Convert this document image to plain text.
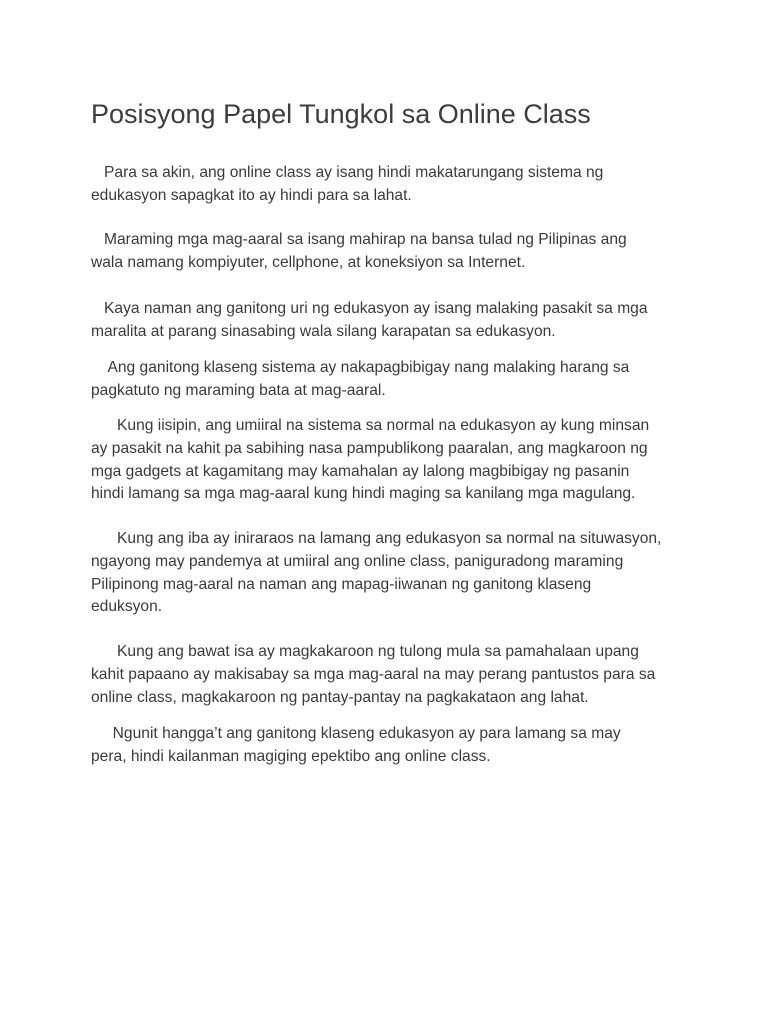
Posisyong Papel Tungkol sa Online Class

Para sa akin, ang online class ay isang hindi makatarungang sistema ng
edukasyon sapagkat ito ay hindi para sa lahat.

Maraming mga mag-aaral sa isang mahirap na bansa tulad ng Pilipinas ang
wala namang kompiyuter, cellphone, at koneksiyon sa Internet.

Kaya naman ang ganitong uri ng edukasyon ay isang malaking pasakit sa mga
maralita at parang sinasabing wala silang karapatan sa edukasyon.

Ang ganitong klaseng sistema ay nakapagbibigay nang malaking harang sa
pagkatuto ng maraming bata at mag-aaral.

Kung iisipin, ang umiiral na sistema sa normal na edukasyon ay kung minsan
ay pasakit na kahit pa sabihing nasa pampublikong paaralan, ang magkaroon ng
mga gadgets at kagamitang may kamahalan ay lalong magbibigay ng pasanin
hindi lamang sa mga mag-aaral kung hindi maging sa kanilang mga magulang.

Kung ang iba ay iniraraos na lamang ang edukasyon sa normal na situwasyon,
ngayong may pandemya at umiiral ang online class, paniguradong maraming
Pilipinong mag-aaral na naman ang mapag-iiwanan ng ganitong klaseng
eduksyon.

Kung ang bawat isa ay magkakaroon ng tulong mula sa pamahalaan upang
kahit papaano ay makisabay sa mga mag-aaral na may perang pantustos para sa
online class, magkakaroon ng pantay-pantay na pagkakataon ang lahat.

Ngunit hangga’t ang ganitong klaseng edukasyon ay para lamang sa may
pera, hindi kailanman magiging epektibo ang online class.
